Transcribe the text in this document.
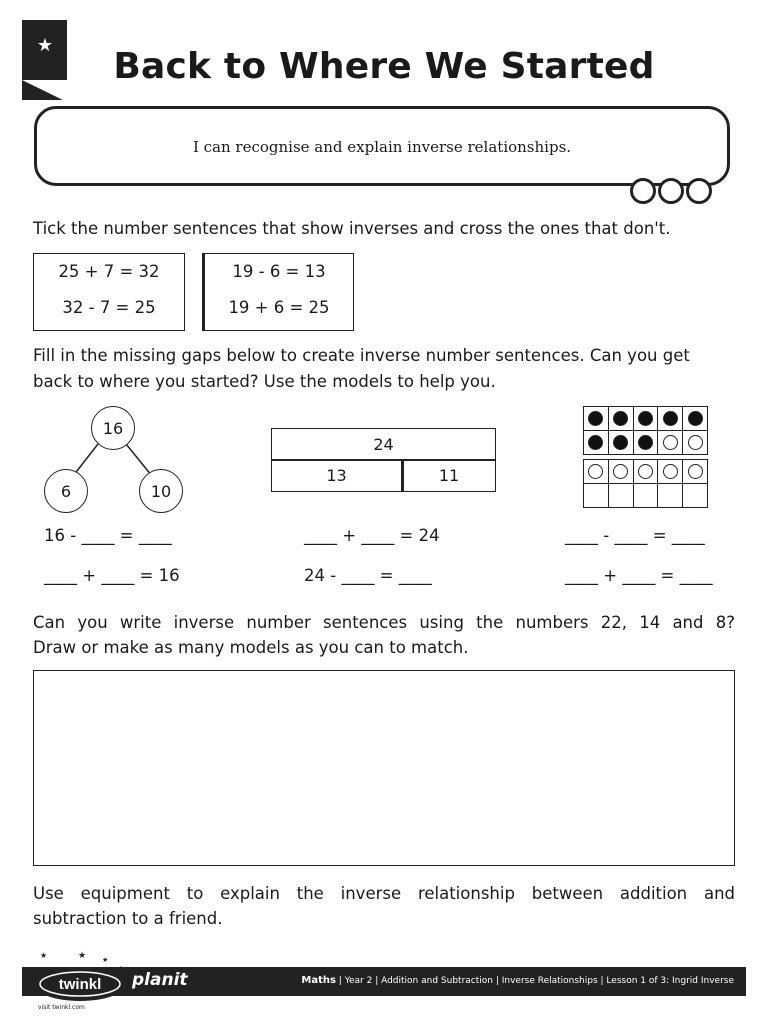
★
Back to Where We Started
I can recognise and explain inverse relationships.
Tick the number sentences that show inverses and cross the ones that don't.
25 + 7 = 32
32 - 7 = 25
19 - 6 = 13
19 + 6 = 25
Fill in the missing gaps below to create inverse number sentences. Can you get
back to where you started? Use the models to help you.
16
6	10
24
13	11
16 - ____ = ____
____ + ____ = 16
____ + ____ = 24
24 - ____ = ____
____ - ____ = ____
____ + ____ = ____
Can you write inverse number sentences using the numbers 22, 14 and 8?
Draw or make as many models as you can to match.
Use equipment to explain the inverse relationship between addition and
subtraction to a friend.
★	★ ★
★	★
twinkl planit
visit twinkl.com
Maths | Year 2 | Addition and Subtraction | Inverse Relationships | Lesson 1 of 3: Ingrid Inverse
